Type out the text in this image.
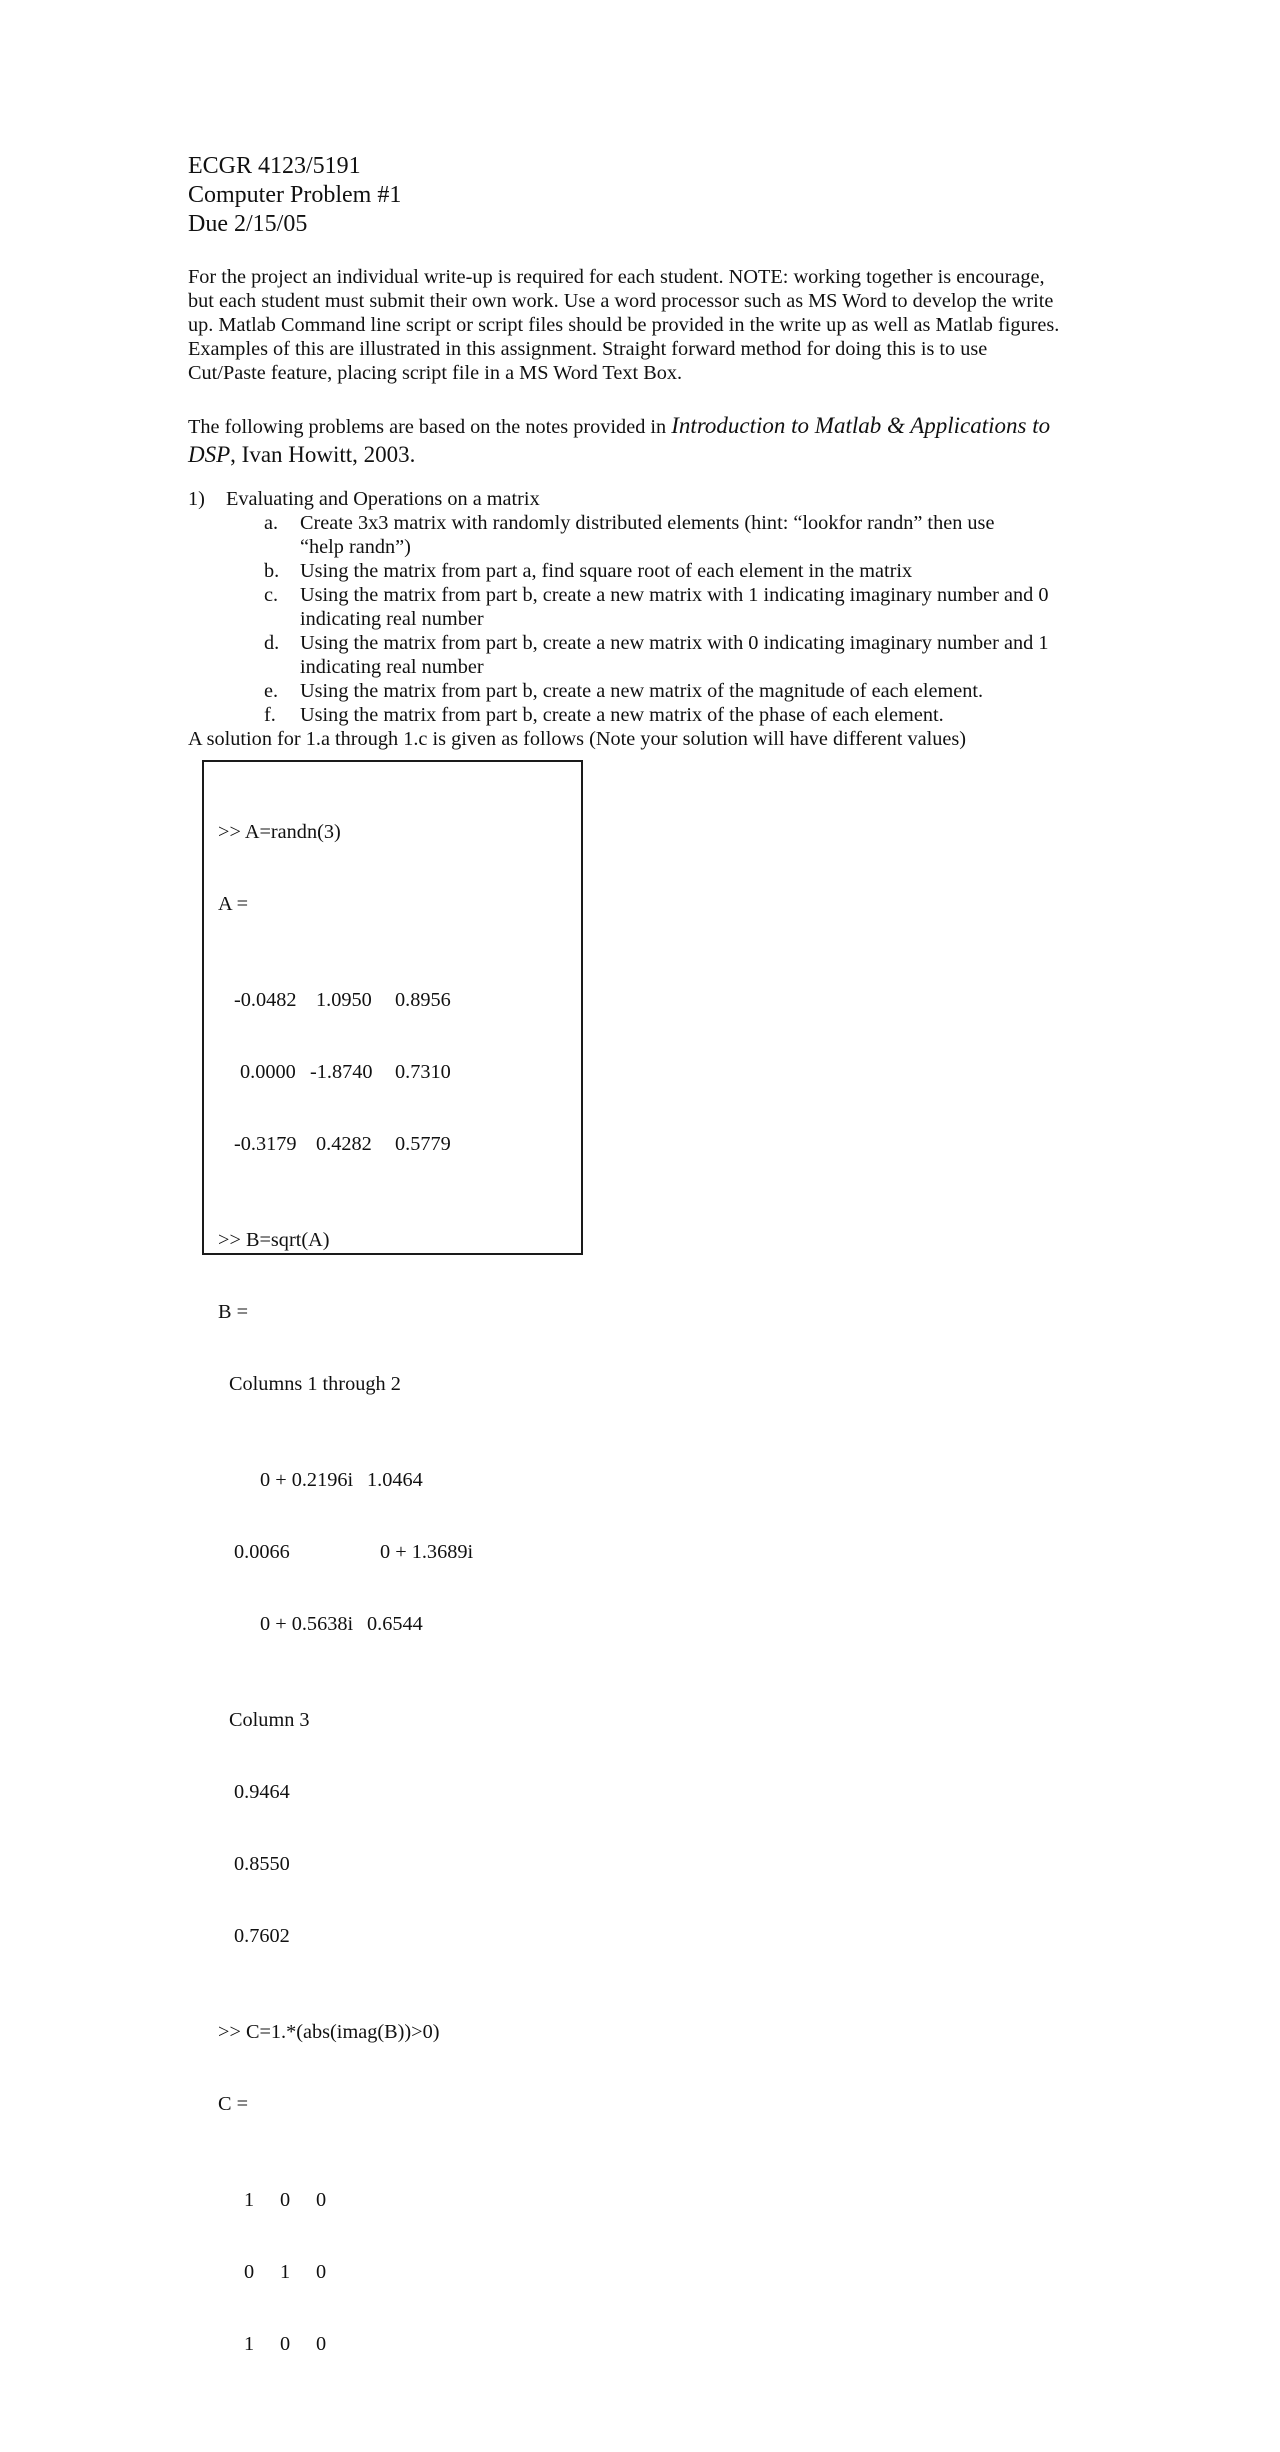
ECGR 4123/5191
Computer Problem #1
Due 2/15/05
For the project an individual write-up is required for each student. NOTE: working together is encourage,
but each student must submit their own work. Use a word processor such as MS Word to develop the write
up. Matlab Command line script or script files should be provided in the write up as well as Matlab figures.
Examples of this are illustrated in this assignment. Straight forward method for doing this is to use
Cut/Paste feature, placing script file in a MS Word Text Box.
The following problems are based on the notes provided in Introduction to Matlab & Applications to
DSP, Ivan Howitt, 2003.
1) Evaluating and Operations on a matrix
a. Create 3x3 matrix with randomly distributed elements (hint: “lookfor randn” then use
“help randn”)
b. Using the matrix from part a, find square root of each element in the matrix
c. Using the matrix from part b, create a new matrix with 1 indicating imaginary number and 0
indicating real number
d. Using the matrix from part b, create a new matrix with 0 indicating imaginary number and 1
indicating real number
e. Using the matrix from part b, create a new matrix of the magnitude of each element.
f. Using the matrix from part b, create a new matrix of the phase of each element.
A solution for 1.a through 1.c is given as follows (Note your solution will have different values)

>> A=randn(3)

A =

-0.0482

1.0950

0.8956

0.0000

-1.8740

0.7310

-0.3179

0.4282

0.5779

>> B=sqrt(A)

B =

Columns 1 through 2

0 + 0.2196i

1.0464

0.0066

	0 + 1.3689i

0 + 0.5638i

0.6544

Column 3

0.9464

0.8550

0.7602

>> C=1.*(abs(imag(B))>0)

C =

1

0

0

0

1

0

1

0

0
